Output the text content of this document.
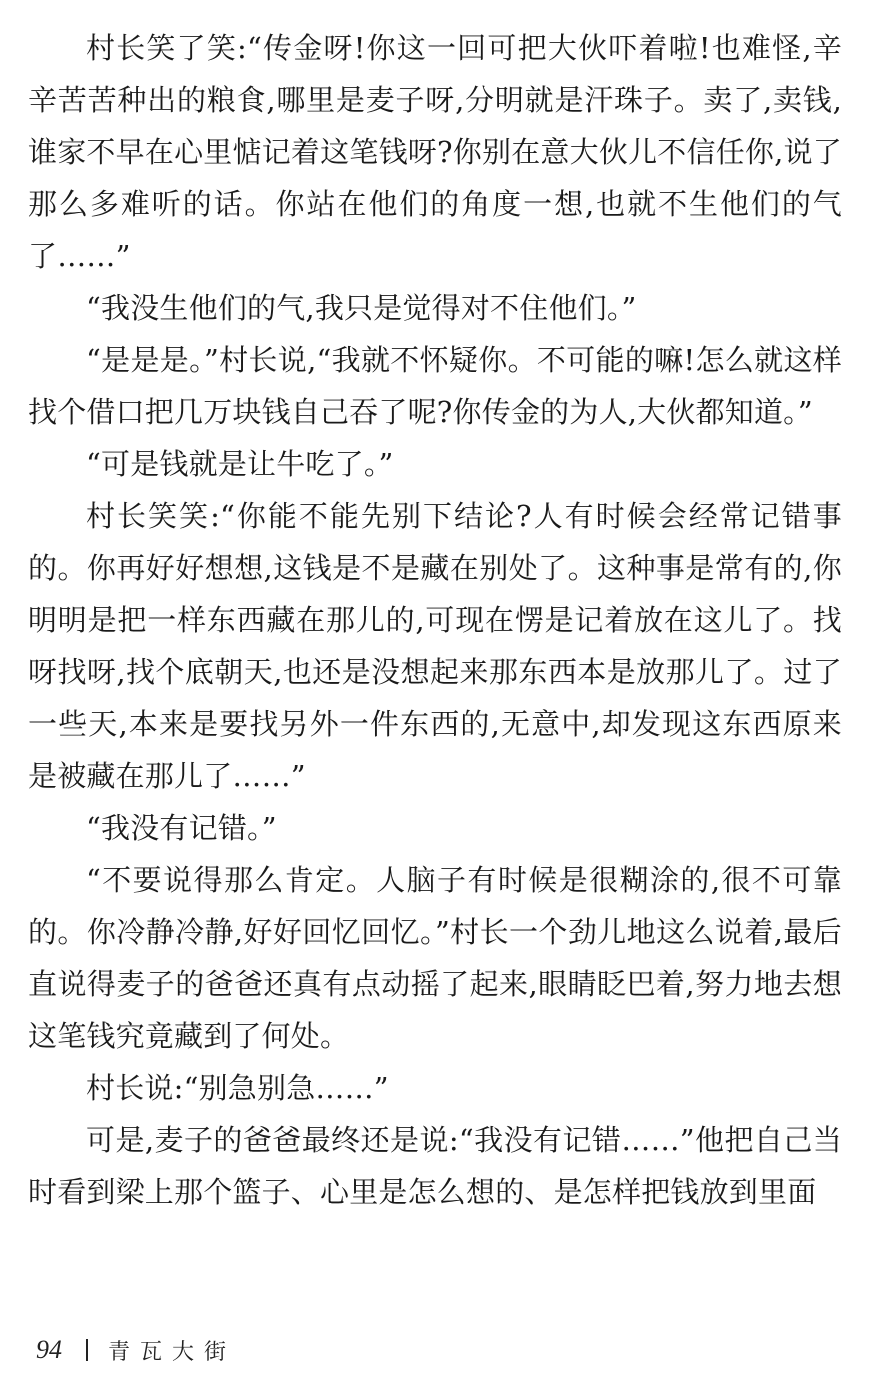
村长笑了笑:“传金呀!你这一回可把大伙吓着啦!也难怪,辛辛苦苦种出的粮食,哪里是麦子呀,分明就是汗珠子。卖了,卖钱,谁家不早在心里惦记着这笔钱呀?你别在意大伙儿不信任你,说了那么多难听的话。你站在他们的角度一想,也就不生他们的气了……”

“我没生他们的气,我只是觉得对不住他们。”

“是是是。”村长说,“我就不怀疑你。不可能的嘛!怎么就这样找个借口把几万块钱自己吞了呢?你传金的为人,大伙都知道。”

“可是钱就是让牛吃了。”

村长笑笑:“你能不能先别下结论?人有时候会经常记错事的。你再好好想想,这钱是不是藏在别处了。这种事是常有的,你明明是把一样东西藏在那儿的,可现在愣是记着放在这儿了。找呀找呀,找个底朝天,也还是没想起来那东西本是放那儿了。过了一些天,本来是要找另外一件东西的,无意中,却发现这东西原来是被藏在那儿了……”

“我没有记错。”

“不要说得那么肯定。人脑子有时候是很糊涂的,很不可靠的。你冷静冷静,好好回忆回忆。”村长一个劲儿地这么说着,最后直说得麦子的爸爸还真有点动摇了起来,眼睛眨巴着,努力地去想这笔钱究竟藏到了何处。

村长说:“别急别急……”

可是,麦子的爸爸最终还是说:“我没有记错……”他把自己当时看到梁上那个篮子、心里是怎么想的、是怎样把钱放到里面

94 青瓦大街
